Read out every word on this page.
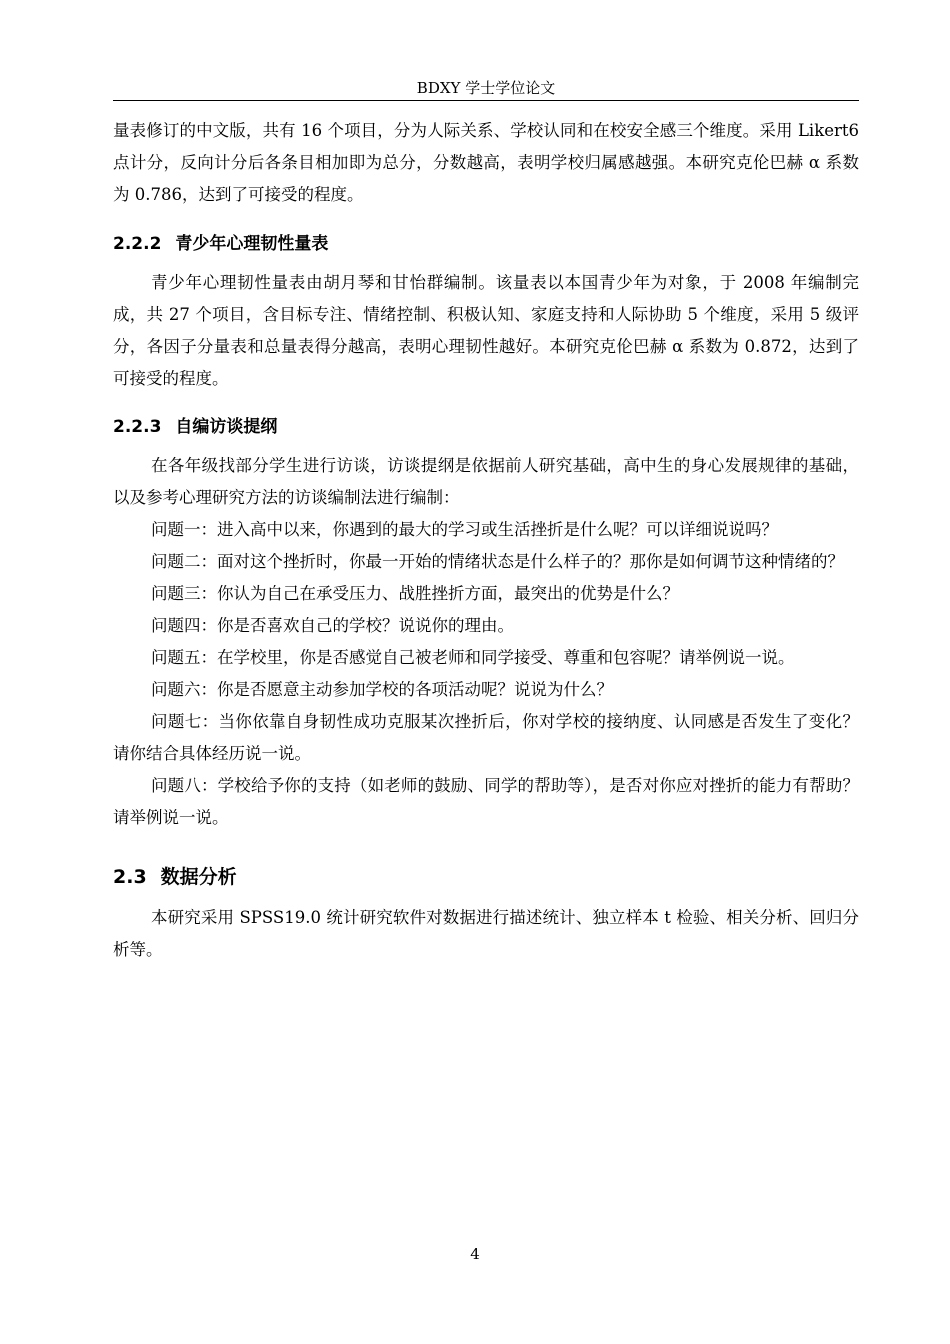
BDXY 学士学位论文

量表修订的中文版，共有 16 个项目，分为人际关系、学校认同和在校安全感三个维度。采用 Likert6 点计分，反向计分后各条目相加即为总分，分数越高，表明学校归属感越强。本研究克伦巴赫 α 系数为 0.786，达到了可接受的程度。

2.2.2 青少年心理韧性量表

青少年心理韧性量表由胡月琴和甘怡群编制。该量表以本国青少年为对象，于 2008 年编制完成，共 27 个项目，含目标专注、情绪控制、积极认知、家庭支持和人际协助 5 个维度，采用 5 级评分，各因子分量表和总量表得分越高，表明心理韧性越好。本研究克伦巴赫 α 系数为 0.872，达到了可接受的程度。

2.2.3 自编访谈提纲

在各年级找部分学生进行访谈，访谈提纲是依据前人研究基础，高中生的身心发展规律的基础，以及参考心理研究方法的访谈编制法进行编制：

问题一：进入高中以来，你遇到的最大的学习或生活挫折是什么呢？可以详细说说吗？

问题二：面对这个挫折时，你最一开始的情绪状态是什么样子的？那你是如何调节这种情绪的？

问题三：你认为自己在承受压力、战胜挫折方面，最突出的优势是什么？

问题四：你是否喜欢自己的学校？说说你的理由。

问题五：在学校里，你是否感觉自己被老师和同学接受、尊重和包容呢？请举例说一说。

问题六：你是否愿意主动参加学校的各项活动呢？说说为什么？

问题七：当你依靠自身韧性成功克服某次挫折后，你对学校的接纳度、认同感是否发生了变化？请你结合具体经历说一说。

问题八：学校给予你的支持（如老师的鼓励、同学的帮助等），是否对你应对挫折的能力有帮助？请举例说一说。

2.3 数据分析

本研究采用 SPSS19.0 统计研究软件对数据进行描述统计、独立样本 t 检验、相关分析、回归分析等。

4
